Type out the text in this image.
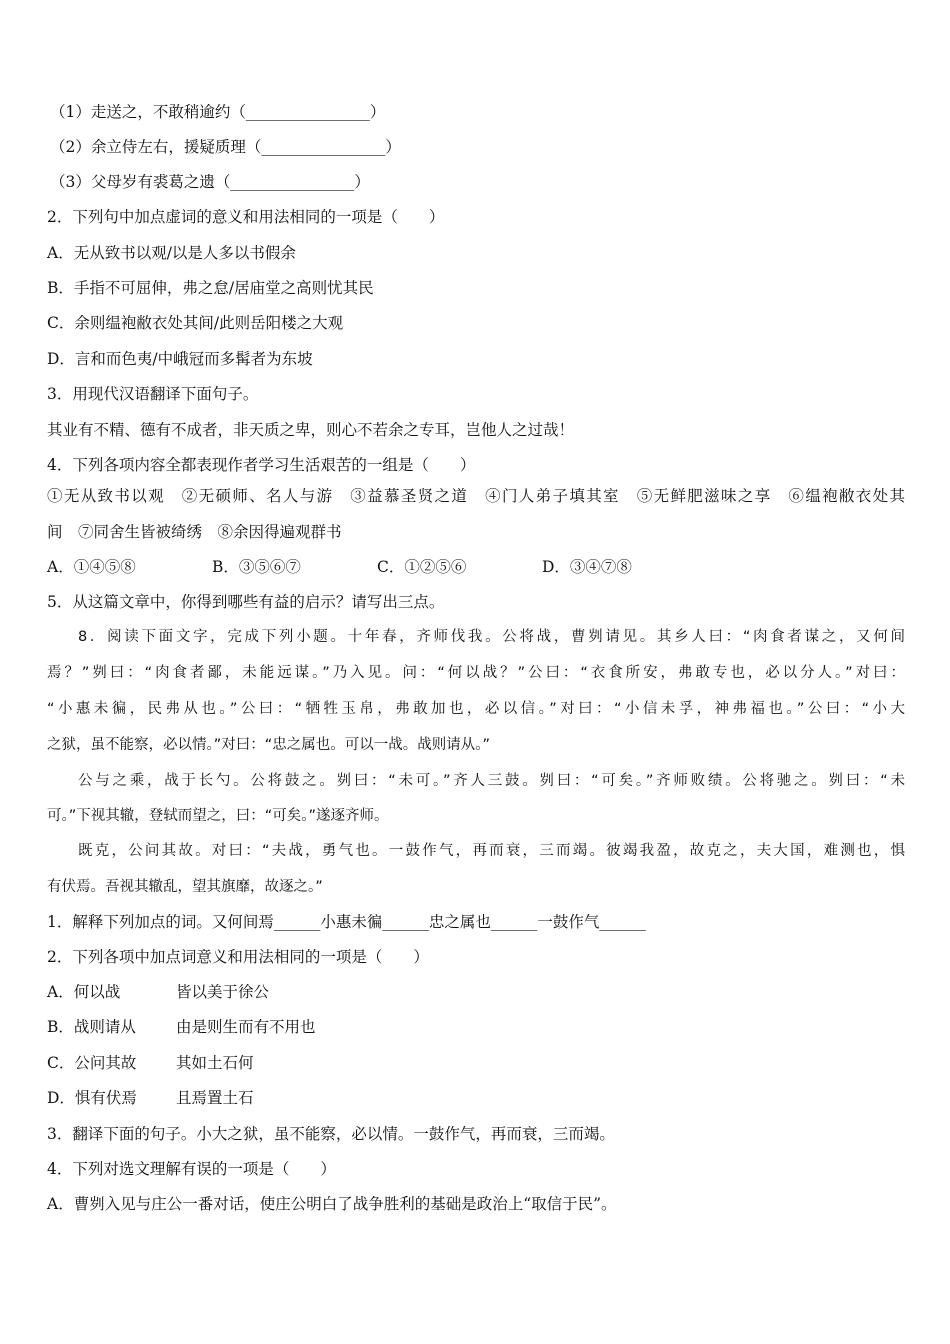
（1）走送之，不敢稍逾约（________________）
（2）余立侍左右，援疑质理（________________）
（3）父母岁有裘葛之遗（________________）
2．下列句中加点虚词的意义和用法相同的一项是（　　）
A．无从致书以观/以是人多以书假余
B．手指不可屈伸，弗之怠/居庙堂之高则忧其民
C．余则缊袍敝衣处其间/此则岳阳楼之大观
D．言和而色夷/中峨冠而多髯者为东坡
3．用现代汉语翻译下面句子。
其业有不精、德有不成者，非天质之卑，则心不若余之专耳，岂他人之过哉！
4．下列各项内容全都表现作者学习生活艰苦的一组是（　　）
①无从致书以观　②无硕师、名人与游　③益慕圣贤之道　④门人弟子填其室　⑤无鲜肥滋味之享　⑥缊袍敝衣处其
间　⑦同舍生皆被绮绣　⑧余因得遍观群书
A．①④⑤⑧	B．③⑤⑥⑦	C．①②⑤⑥	D．③④⑦⑧
5．从这篇文章中，你得到哪些有益的启示？请写出三点。
8．阅读下面文字，完成下列小题。十年春，齐师伐我。公将战，曹刿请见。其乡人曰：“肉食者谋之，又何间
焉？”刿曰：“肉食者鄙，未能远谋。”乃入见。问：“何以战？”公曰：“衣食所安，弗敢专也，必以分人。”对曰：
“小惠未徧，民弗从也。”公曰：“牺牲玉帛，弗敢加也，必以信。”对曰：“小信未孚，神弗福也。”公曰：“小大
之狱，虽不能察，必以情。”对曰：“忠之属也。可以一战。战则请从。”
公与之乘，战于长勺。公将鼓之。刿曰：“未可。”齐人三鼓。刿曰：“可矣。”齐师败绩。公将驰之。刿曰：“未
可。”下视其辙，登轼而望之，曰：“可矣。”遂逐齐师。
既克，公问其故。对曰：“夫战，勇气也。一鼓作气，再而衰，三而竭。彼竭我盈，故克之，夫大国，难测也，惧
有伏焉。吾视其辙乱，望其旗靡，故逐之。”
1．解释下列加点的词。又何间焉______小惠未徧______忠之属也______一鼓作气______
2．下列各项中加点词意义和用法相同的一项是（　　）
A．何以战	皆以美于徐公
B．战则请从	由是则生而有不用也
C．公问其故	其如土石何
D．惧有伏焉	且焉置土石
3．翻译下面的句子。小大之狱，虽不能察，必以情。一鼓作气，再而衰，三而竭。
4．下列对选文理解有误的一项是（　　）
A．曹刿入见与庄公一番对话，使庄公明白了战争胜利的基础是政治上“取信于民”。
